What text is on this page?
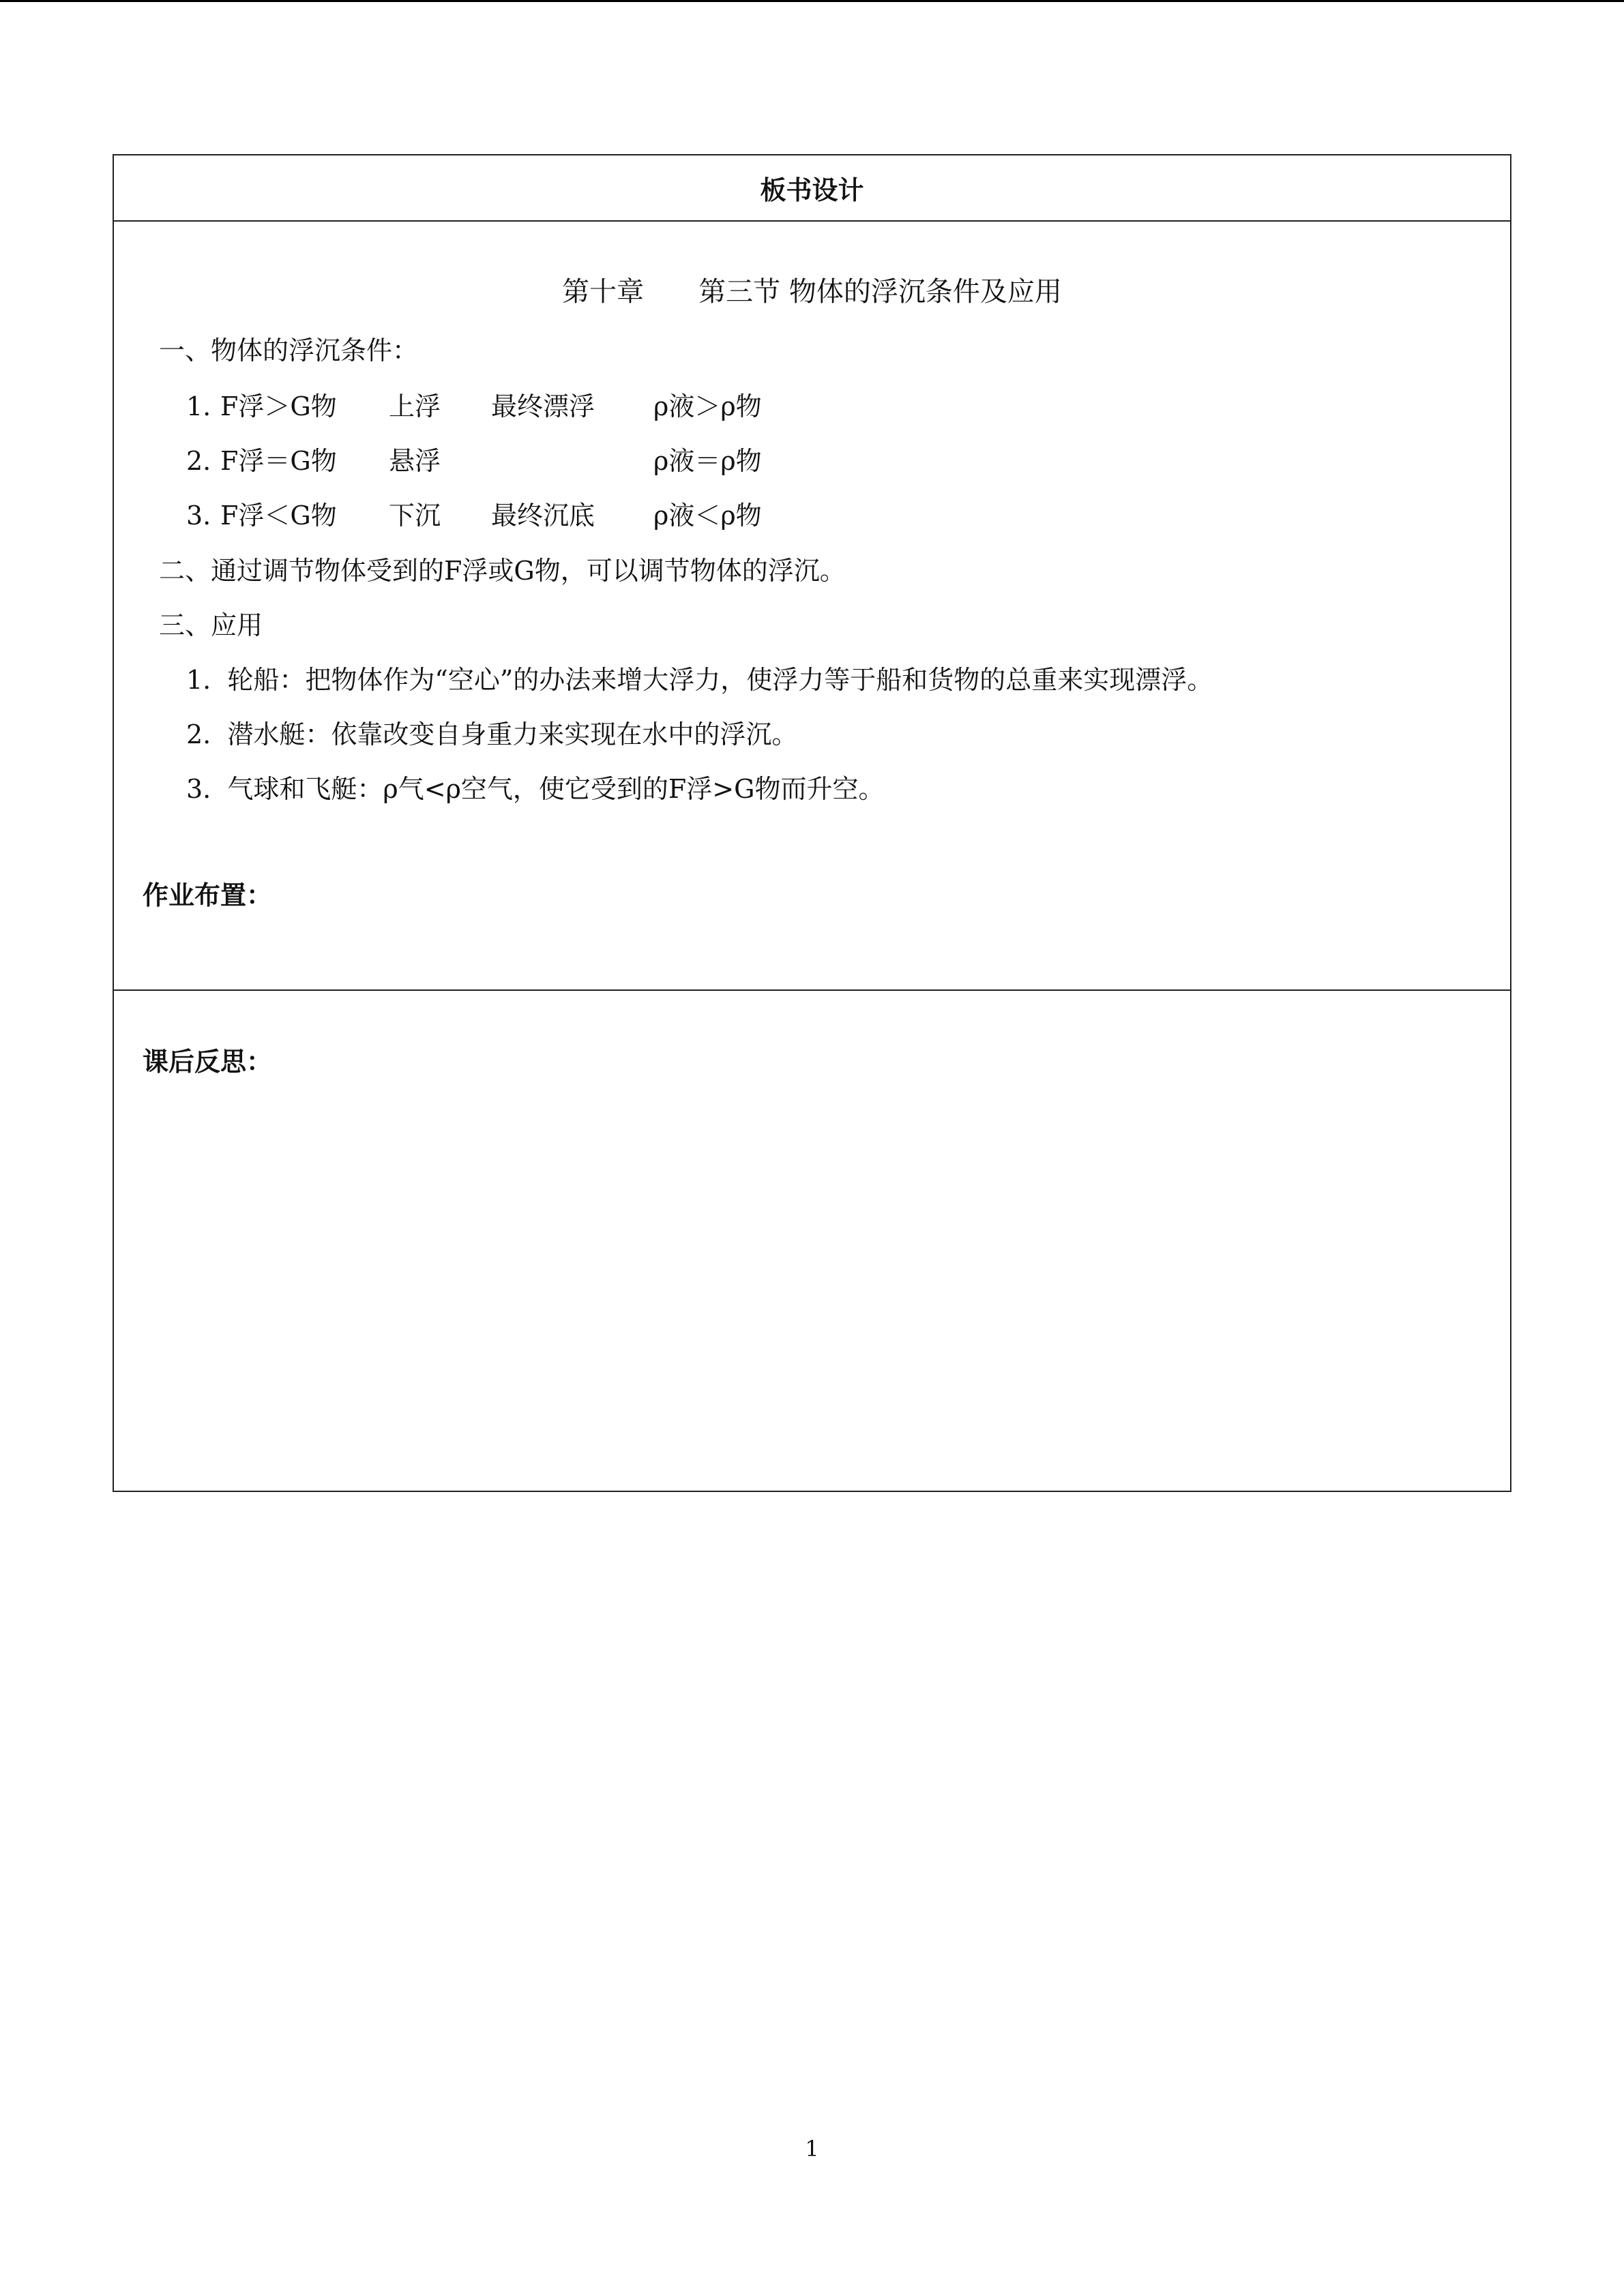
板书设计
第十章　　第三节 物体的浮沉条件及应用
一、物体的浮沉条件：

1.

F浮＞G物

上浮

最终漂浮

ρ液＞ρ物

2.

F浮＝G物

悬浮

	ρ液＝ρ物

3.

F浮＜G物

下沉

最终沉底

ρ液＜ρ物

二、通过调节物体受到的F浮或G物，可以调节物体的浮沉。
三、应用
1.  轮船：把物体作为“空心”的办法来增大浮力，使浮力等于船和货物的总重来实现漂浮。
2.  潜水艇：依靠改变自身重力来实现在水中的浮沉。
3.  气球和飞艇：ρ气<ρ空气，使它受到的F浮>G物而升空。
作业布置：
课后反思：
1
